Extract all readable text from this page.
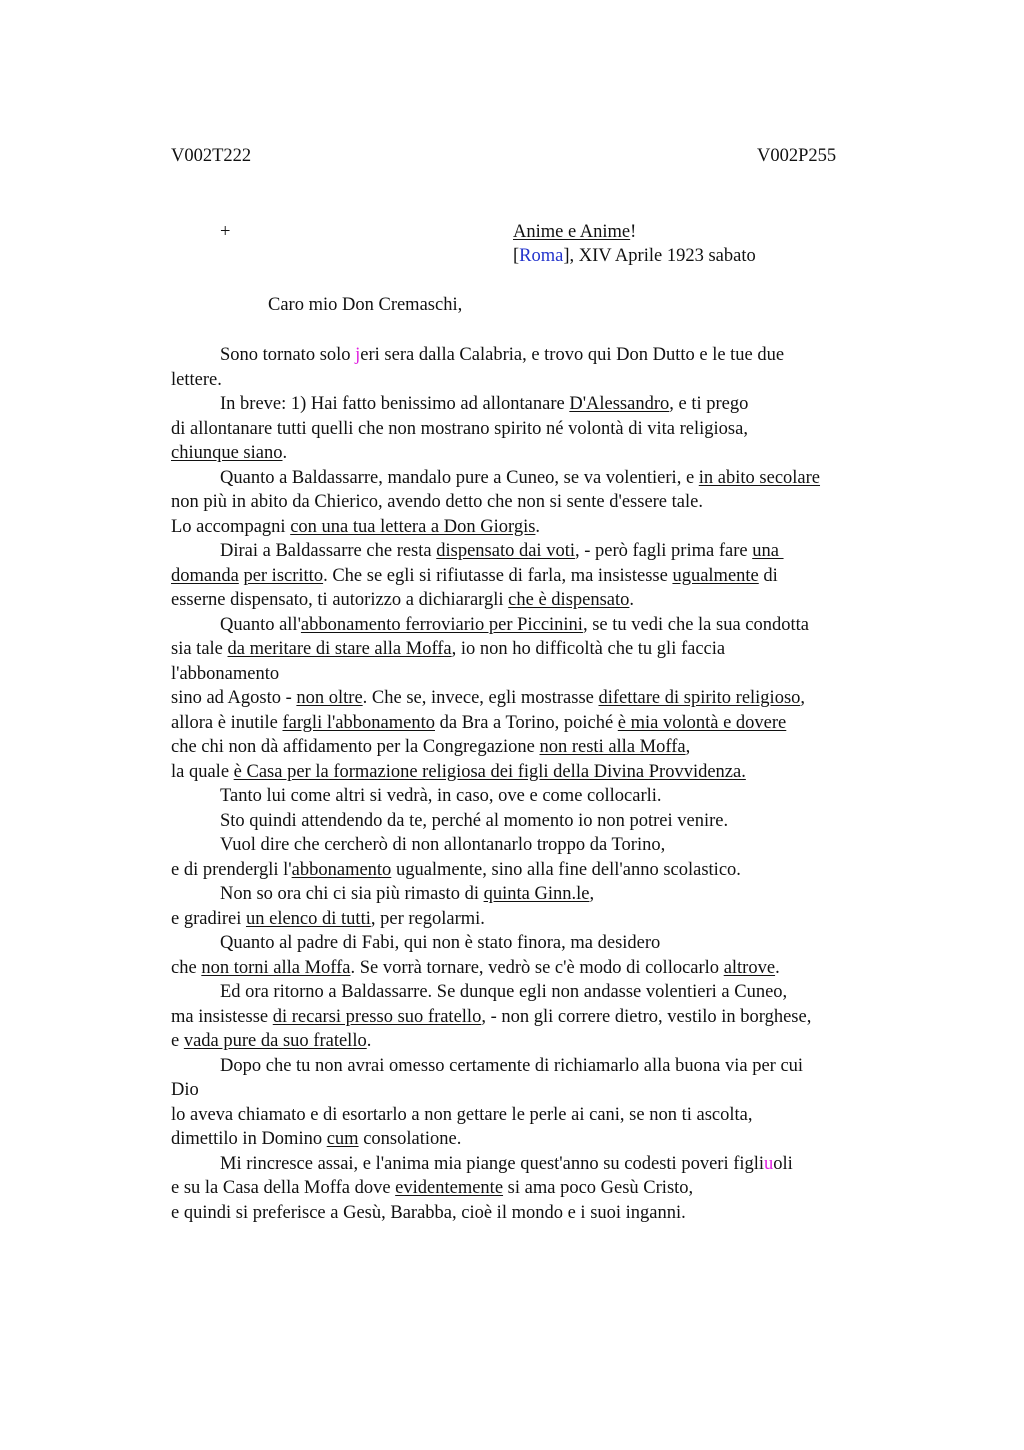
V002T222	V002P255
+	Anime e Anime!
[Roma], XIV Aprile 1923 sabato
Caro mio Don Cremaschi,
Sono tornato solo jeri sera dalla Calabria, e trovo qui Don Dutto e le tue due
lettere.
In breve: 1) Hai fatto benissimo ad allontanare D'Alessandro, e ti prego
di allontanare tutti quelli che non mostrano spirito né volontà di vita religiosa,
chiunque siano.
Quanto a Baldassarre, mandalo pure a Cuneo, se va volentieri, e in abito secolare
non più in abito da Chierico, avendo detto che non si sente d'essere tale.
Lo accompagni con una tua lettera a Don Giorgis.
Dirai a Baldassarre che resta dispensato dai voti, - però fagli prima fare una
domanda per iscritto. Che se egli si rifiutasse di farla, ma insistesse ugualmente di
esserne dispensato, ti autorizzo a dichiarargli che è dispensato.
Quanto all'abbonamento ferroviario per Piccinini, se tu vedi che la sua condotta
sia tale da meritare di stare alla Moffa, io non ho difficoltà che tu gli faccia
l'abbonamento
sino ad Agosto - non oltre. Che se, invece, egli mostrasse difettare di spirito religioso,
allora è inutile fargli l'abbonamento da Bra a Torino, poiché è mia volontà e dovere
che chi non dà affidamento per la Congregazione non resti alla Moffa,
la quale è Casa per la formazione religiosa dei figli della Divina Provvidenza.
Tanto lui come altri si vedrà, in caso, ove e come collocarli.
Sto quindi attendendo da te, perché al momento io non potrei venire.
Vuol dire che cercherò di non allontanarlo troppo da Torino,
e di prendergli l'abbonamento ugualmente, sino alla fine dell'anno scolastico.
Non so ora chi ci sia più rimasto di quinta Ginn.le,
e gradirei un elenco di tutti, per regolarmi.
Quanto al padre di Fabi, qui non è stato finora, ma desidero
che non torni alla Moffa. Se vorrà tornare, vedrò se c'è modo di collocarlo altrove.
Ed ora ritorno a Baldassarre. Se dunque egli non andasse volentieri a Cuneo,
ma insistesse di recarsi presso suo fratello, - non gli correre dietro, vestilo in borghese,
e vada pure da suo fratello.
Dopo che tu non avrai omesso certamente di richiamarlo alla buona via per cui
Dio
lo aveva chiamato e di esortarlo a non gettare le perle ai cani, se non ti ascolta,
dimettilo in Domino cum consolatione.
Mi rincresce assai, e l'anima mia piange quest'anno su codesti poveri figliuoli
e su la Casa della Moffa dove evidentemente si ama poco Gesù Cristo,
e quindi si preferisce a Gesù, Barabba, cioè il mondo e i suoi inganni.
